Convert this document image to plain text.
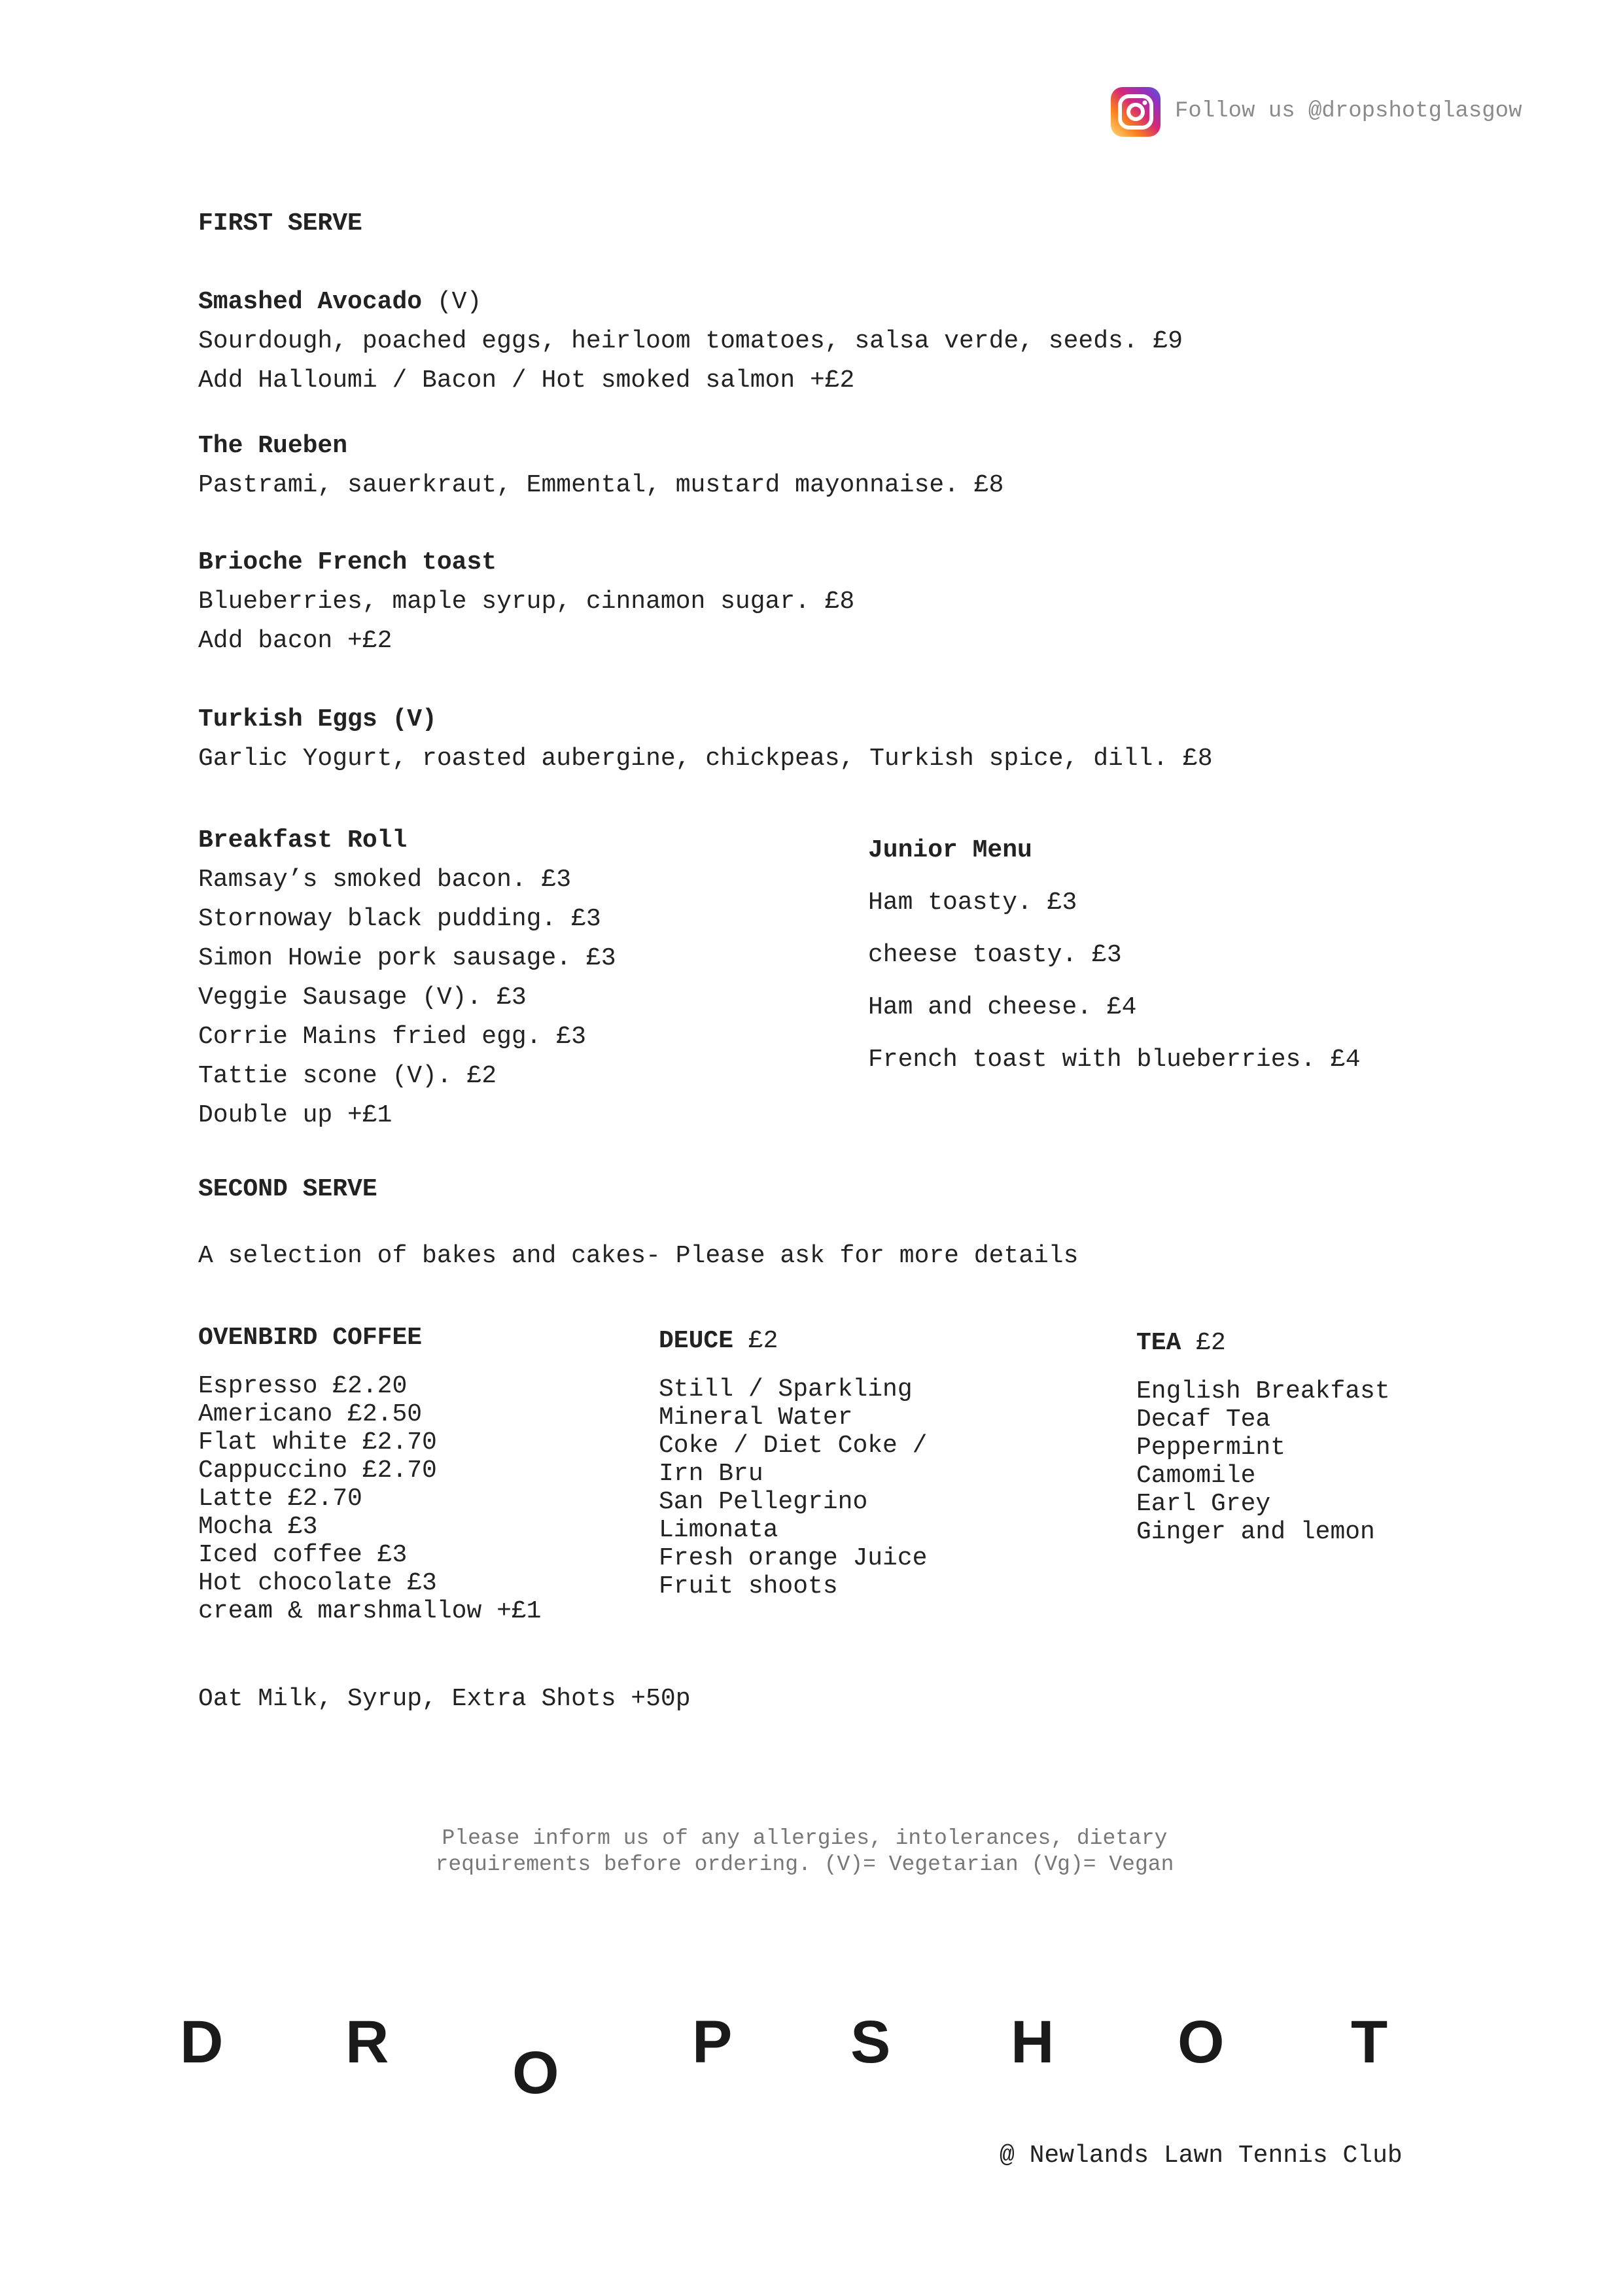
Follow us @dropshotglasgow
FIRST SERVE
Smashed Avocado (V)
Sourdough, poached eggs, heirloom tomatoes, salsa verde, seeds. £9
Add Halloumi / Bacon / Hot smoked salmon +£2
The Rueben
Pastrami, sauerkraut, Emmental, mustard mayonnaise. £8
Brioche French toast
Blueberries, maple syrup, cinnamon sugar. £8
Add bacon +£2
Turkish Eggs (V)
Garlic Yogurt, roasted aubergine, chickpeas, Turkish spice, dill. £8
Breakfast Roll
Ramsay’s smoked bacon. £3
Stornoway black pudding. £3
Simon Howie pork sausage. £3
Veggie Sausage (V). £3
Corrie Mains fried egg. £3
Tattie scone (V). £2
Double up +£1
Junior Menu
Ham toasty. £3
cheese toasty. £3
Ham and cheese. £4
French toast with blueberries. £4
SECOND SERVE
A selection of bakes and cakes- Please ask for more details
OVENBIRD COFFEE
Espresso £2.20
Americano £2.50
Flat white £2.70
Cappuccino £2.70
Latte £2.70
Mocha £3
Iced coffee £3
Hot chocolate £3
cream & marshmallow +£1
DEUCE £2
Still / Sparkling
Mineral Water
Coke / Diet Coke /
Irn Bru
San Pellegrino
Limonata
Fresh orange Juice
Fruit shoots
TEA £2
English Breakfast
Decaf Tea
Peppermint
Camomile
Earl Grey
Ginger and lemon
Oat Milk, Syrup, Extra Shots +50p
Please inform us of any allergies, intolerances, dietary
requirements before ordering. (V)= Vegetarian (Vg)= Vegan
D R O P S H O T
@ Newlands Lawn Tennis Club
